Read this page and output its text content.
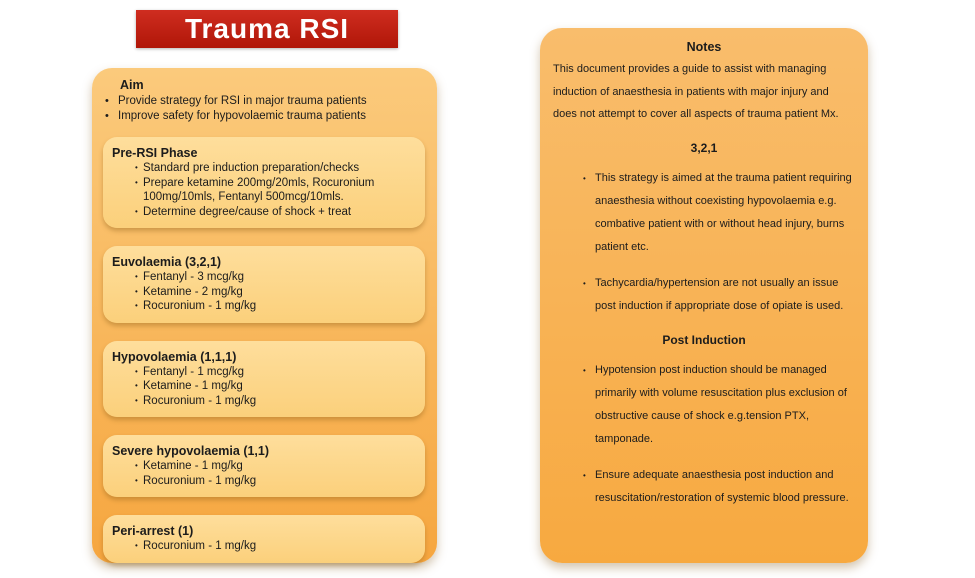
Trauma RSI
Aim
• Provide strategy for RSI in major trauma patients
• Improve safety for hypovolaemic trauma patients
Pre-RSI Phase
• Standard pre induction preparation/checks
• Prepare ketamine 200mg/20mls, Rocuronium 100mg/10mls, Fentanyl 500mcg/10mls.
• Determine degree/cause of shock + treat
Euvolaemia (3,2,1)
• Fentanyl - 3 mcg/kg
• Ketamine - 2 mg/kg
• Rocuronium - 1 mg/kg
Hypovolaemia (1,1,1)
• Fentanyl - 1 mcg/kg
• Ketamine - 1 mg/kg
• Rocuronium - 1 mg/kg
Severe hypovolaemia (1,1)
• Ketamine - 1 mg/kg
• Rocuronium - 1 mg/kg
Peri-arrest (1)
• Rocuronium - 1 mg/kg
Notes

This document provides a guide to assist with managing induction of anaesthesia in patients with major injury and does not attempt to cover all aspects of trauma patient Mx.

3,2,1
• This strategy is aimed at the trauma patient requiring anaesthesia without coexisting hypovolaemia e.g. combative patient with or without head injury, burns patient etc.
• Tachycardia/hypertension are not usually an issue post induction if appropriate dose of opiate is used.
Post Induction
• Hypotension post induction should be managed primarily with volume resuscitation plus exclusion of obstructive cause of shock e.g.tension PTX, tamponade.
• Ensure adequate anaesthesia post induction and resuscitation/restoration of systemic blood pressure.
